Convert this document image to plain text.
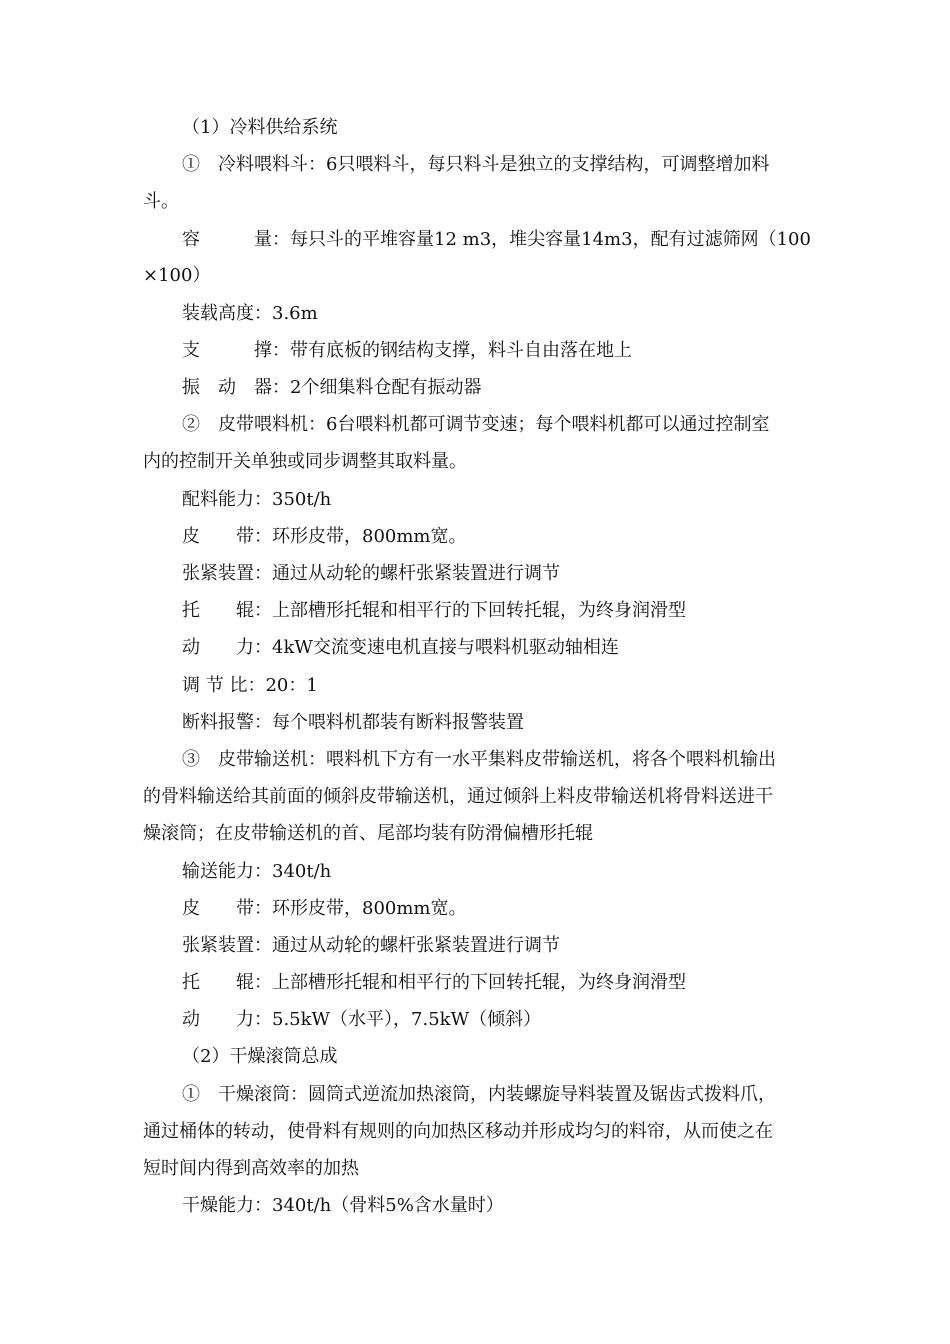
（1）冷料供给系统
①　冷料喂料斗：6只喂料斗，每只料斗是独立的支撑结构，可调整增加料
斗。
容　　　量：每只斗的平堆容量12 m3，堆尖容量14m3，配有过滤筛网（100
×100）
装载高度：3.6m
支　　　撑：带有底板的钢结构支撑，料斗自由落在地上
振　动　器：2个细集料仓配有振动器
②　皮带喂料机：6台喂料机都可调节变速；每个喂料机都可以通过控制室
内的控制开关单独或同步调整其取料量。
配料能力：350t/h
皮　　带：环形皮带，800mm宽。
张紧装置：通过从动轮的螺杆张紧装置进行调节
托　　辊：上部槽形托辊和相平行的下回转托辊，为终身润滑型
动　　力：4kW交流变速电机直接与喂料机驱动轴相连
调 节 比：20：1
断料报警：每个喂料机都装有断料报警装置
③　皮带输送机：喂料机下方有一水平集料皮带输送机，将各个喂料机输出
的骨料输送给其前面的倾斜皮带输送机，通过倾斜上料皮带输送机将骨料送进干
燥滚筒；在皮带输送机的首、尾部均装有防滑偏槽形托辊
输送能力：340t/h
皮　　带：环形皮带，800mm宽。
张紧装置：通过从动轮的螺杆张紧装置进行调节
托　　辊：上部槽形托辊和相平行的下回转托辊，为终身润滑型
动　　力：5.5kW（水平），7.5kW（倾斜）
（2）干燥滚筒总成
①　干燥滚筒：圆筒式逆流加热滚筒，内装螺旋导料装置及锯齿式拨料爪，
通过桶体的转动，使骨料有规则的向加热区移动并形成均匀的料帘，从而使之在
短时间内得到高效率的加热
干燥能力：340t/h（骨料5%含水量时）
